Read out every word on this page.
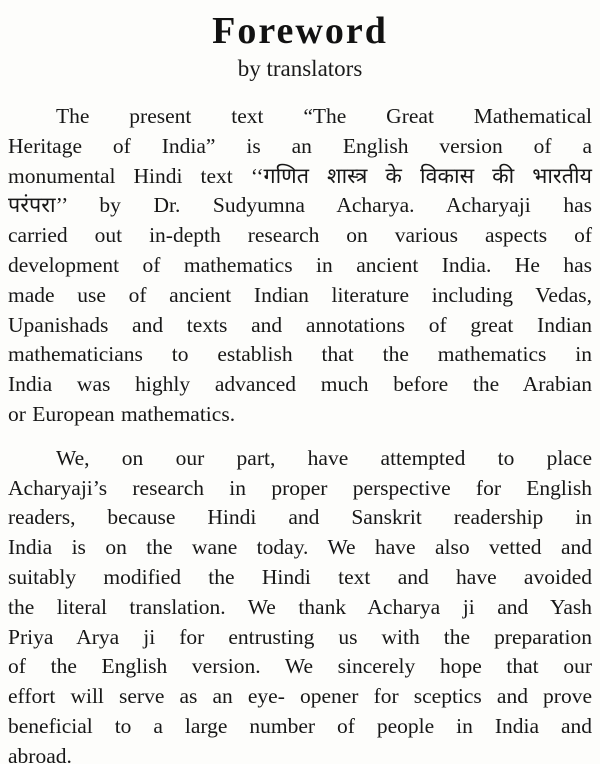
Foreword

by translators

The present text “The Great Mathematical
Heritage of India” is an English version of a
monumental Hindi text ‘‘गणित शास्त्र के विकास की भारतीय
परंपरा’’ by Dr. Sudyumna Acharya. Acharyaji has
carried out in-depth research on various aspects of
development of mathematics in ancient India. He has
made use of ancient Indian literature including Vedas,
Upanishads and texts and annotations of great Indian
mathematicians to establish that the mathematics in
India was highly advanced much before the Arabian
or European mathematics.
We, on our part, have attempted to place
Acharyaji’s research in proper perspective for English
readers, because Hindi and Sanskrit readership in
India is on the wane today. We have also vetted and
suitably modified the Hindi text and have avoided
the literal translation. We thank Acharya ji and Yash
Priya Arya ji for entrusting us with the preparation
of the English version. We sincerely hope that our
effort will serve as an eye- opener for sceptics and prove
beneficial to a large number of people in India and
abroad.
